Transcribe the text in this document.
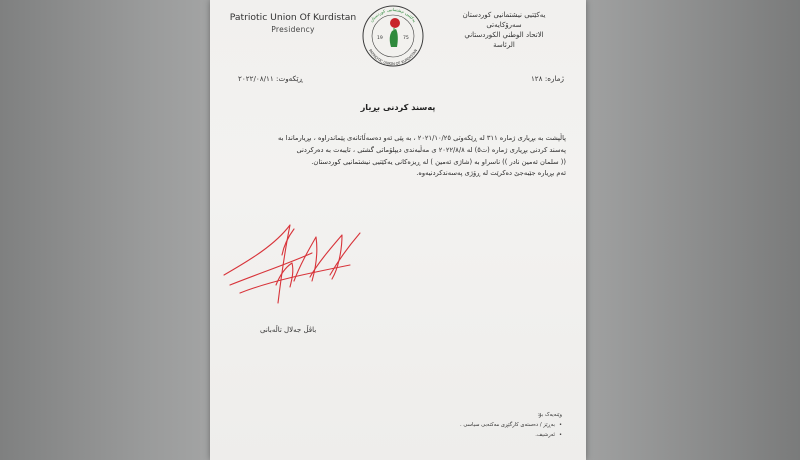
Patriotic Union Of Kurdistan
Presidency
یەکێتیی نیشتمانیی کوردستان
PATRIOTIC UNION OF KURDISTAN
19	75
یەکێتیی نیشتمانیی کوردستان
سەرۆکایەتی
الاتحاد الوطني الكوردستاني
الرئاسة
ژمارە: ١٢٨
ڕێکەوت: ٢٠٢٢/٠٨/١١
پەسند کردنی بڕیار

پاڵپشت بە بڕیاری ژمارە ٣١١ لە ڕێکەوتی ٢٠٢١/١٠/٢٥ ، بە پێی ئەو دەسەڵاتانەی پێماندراوە ، بڕیارماندا بە

پەسند کردنی بڕیاری ژمارە (ت٥) لە ٢٠٢٢/٨/٨ ی مەڵبەندی دیپلۆماتی گشتی ، تایبەت بە دەرکردنی

(( سلمان ئەمین نادر )) ناسراو بە (شاژی ئەمین ) لە ڕیزەکانی یەکێتیی نیشتمانیی کوردستان.

ئەم بڕیارە جێبەجێ دەکرێت لە ڕۆژی پەسەندکردنیەوە.

باڤڵ جەلال تاڵەبانی
وێنەیەک بۆ:
• بەڕێز / دەستەی کارگێڕی مەکتەبی سیاسی .
• ئەرشیف.
